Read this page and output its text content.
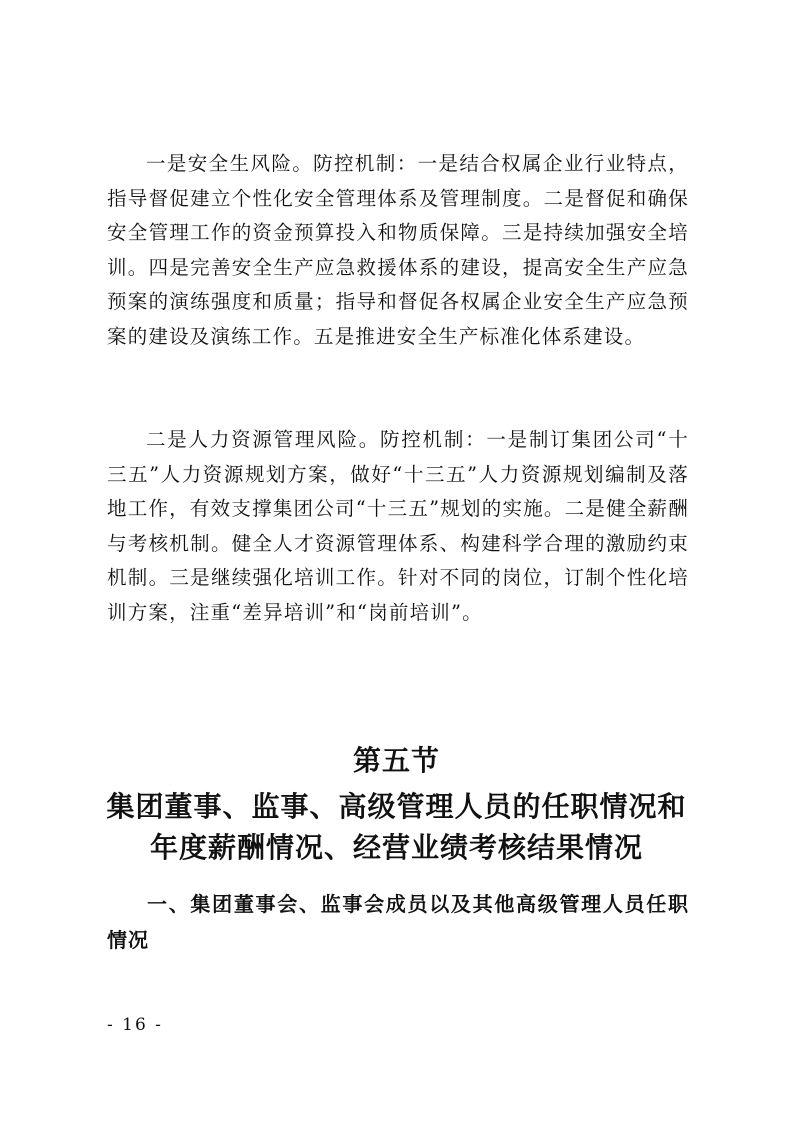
一是安全生风险。防控机制：一是结合权属企业行业特点，指导督促建立个性化安全管理体系及管理制度。二是督促和确保安全管理工作的资金预算投入和物质保障。三是持续加强安全培训。四是完善安全生产应急救援体系的建设，提高安全生产应急预案的演练强度和质量；指导和督促各权属企业安全生产应急预案的建设及演练工作。五是推进安全生产标准化体系建设。

二是人力资源管理风险。防控机制：一是制订集团公司“十三五”人力资源规划方案，做好“十三五”人力资源规划编制及落地工作，有效支撑集团公司“十三五”规划的实施。二是健全薪酬与考核机制。健全人才资源管理体系、构建科学合理的激励约束机制。三是继续强化培训工作。针对不同的岗位，订制个性化培训方案，注重“差异培训”和“岗前培训”。

第五节
集团董事、监事、高级管理人员的任职情况和
年度薪酬情况、经营业绩考核结果情况

一、集团董事会、监事会成员以及其他高级管理人员任职情况

- 16 -
